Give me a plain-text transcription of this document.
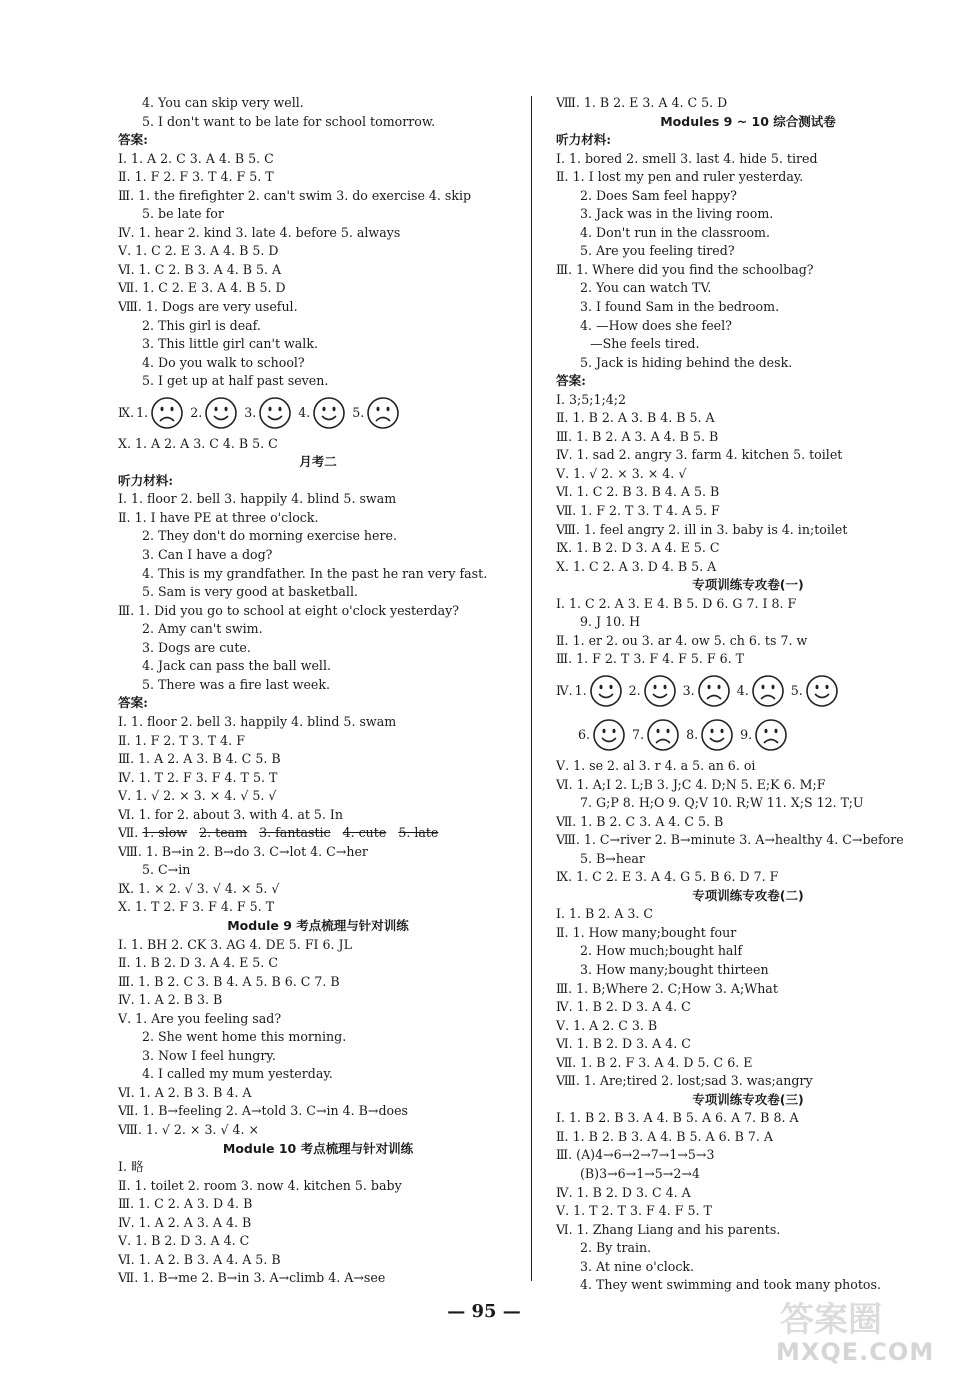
4. You can skip very well.
5. I don't want to be late for school tomorrow.
答案:
Ⅰ. 1. A 2. C 3. A 4. B 5. C
Ⅱ. 1. F 2. F 3. T 4. F 5. T
Ⅲ. 1. the firefighter 2. can't swim 3. do exercise 4. skip
5. be late for
Ⅳ. 1. hear 2. kind 3. late 4. before 5. always
Ⅴ. 1. C 2. E 3. A 4. B 5. D
Ⅵ. 1. C 2. B 3. A 4. B 5. A
Ⅶ. 1. C 2. E 3. A 4. B 5. D
Ⅷ. 1. Dogs are very useful.
2. This girl is deaf.
3. This little girl can't walk.
4. Do you walk to school?
5. I get up at half past seven.
Ⅸ. 1.	2.	3.	4.	5.
Ⅹ. 1. A 2. A 3. C 4. B 5. C
月考二
听力材料:
Ⅰ. 1. floor 2. bell 3. happily 4. blind 5. swam
Ⅱ. 1. I have PE at three o'clock.
2. They don't do morning exercise here.
3. Can I have a dog?
4. This is my grandfather. In the past he ran very fast.
5. Sam is very good at basketball.
Ⅲ. 1. Did you go to school at eight o'clock yesterday?
2. Amy can't swim.
3. Dogs are cute.
4. Jack can pass the ball well.
5. There was a fire last week.
答案:
Ⅰ. 1. floor 2. bell 3. happily 4. blind 5. swam
Ⅱ. 1. F 2. T 3. T 4. F
Ⅲ. 1. A 2. A 3. B 4. C 5. B
Ⅳ. 1. T 2. F 3. F 4. T 5. T
Ⅴ. 1. √ 2. × 3. × 4. √ 5. √
Ⅵ. 1. for 2. about 3. with 4. at 5. In
Ⅶ. 1. slow 2. team 3. fantastic 4. cute 5. late
Ⅷ. 1. B→in 2. B→do 3. C→lot 4. C→her
5. C→in
Ⅸ. 1. × 2. √ 3. √ 4. × 5. √
Ⅹ. 1. T 2. F 3. F 4. F 5. T
Module 9 考点梳理与针对训练
Ⅰ. 1. BH 2. CK 3. AG 4. DE 5. FI 6. JL
Ⅱ. 1. B 2. D 3. A 4. E 5. C
Ⅲ. 1. B 2. C 3. B 4. A 5. B 6. C 7. B
Ⅳ. 1. A 2. B 3. B
Ⅴ. 1. Are you feeling sad?
2. She went home this morning.
3. Now I feel hungry.
4. I called my mum yesterday.
Ⅵ. 1. A 2. B 3. B 4. A
Ⅶ. 1. B→feeling 2. A→told 3. C→in 4. B→does
Ⅷ. 1. √ 2. × 3. √ 4. ×
Module 10 考点梳理与针对训练
Ⅰ. 略
Ⅱ. 1. toilet 2. room 3. now 4. kitchen 5. baby
Ⅲ. 1. C 2. A 3. D 4. B
Ⅳ. 1. A 2. A 3. A 4. B
Ⅴ. 1. B 2. D 3. A 4. C
Ⅵ. 1. A 2. B 3. A 4. A 5. B
Ⅶ. 1. B→me 2. B→in 3. A→climb 4. A→see
Ⅷ. 1. B 2. E 3. A 4. C 5. D
Modules 9 ~ 10 综合测试卷
听力材料:
Ⅰ. 1. bored 2. smell 3. last 4. hide 5. tired
Ⅱ. 1. I lost my pen and ruler yesterday.
2. Does Sam feel happy?
3. Jack was in the living room.
4. Don't run in the classroom.
5. Are you feeling tired?
Ⅲ. 1. Where did you find the schoolbag?
2. You can watch TV.
3. I found Sam in the bedroom.
4. —How does she feel?
—She feels tired.
5. Jack is hiding behind the desk.
答案:
Ⅰ. 3;5;1;4;2
Ⅱ. 1. B 2. A 3. B 4. B 5. A
Ⅲ. 1. B 2. A 3. A 4. B 5. B
Ⅳ. 1. sad 2. angry 3. farm 4. kitchen 5. toilet
Ⅴ. 1. √ 2. × 3. × 4. √
Ⅵ. 1. C 2. B 3. B 4. A 5. B
Ⅶ. 1. F 2. T 3. T 4. A 5. F
Ⅷ. 1. feel angry 2. ill in 3. baby is 4. in;toilet
Ⅸ. 1. B 2. D 3. A 4. E 5. C
Ⅹ. 1. C 2. A 3. D 4. B 5. A
专项训练专攻卷(一)
Ⅰ. 1. C 2. A 3. E 4. B 5. D 6. G 7. I 8. F
9. J 10. H
Ⅱ. 1. er 2. ou 3. ar 4. ow 5. ch 6. ts 7. w
Ⅲ. 1. F 2. T 3. F 4. F 5. F 6. T
Ⅳ. 1.	2.	3.	4.	5.
6.	7.	8.	9.
Ⅴ. 1. se 2. al 3. r 4. a 5. an 6. oi
Ⅵ. 1. A;I 2. L;B 3. J;C 4. D;N 5. E;K 6. M;F
7. G;P 8. H;O 9. Q;V 10. R;W 11. X;S 12. T;U
Ⅶ. 1. B 2. C 3. A 4. C 5. B
Ⅷ. 1. C→river 2. B→minute 3. A→healthy 4. C→before
5. B→hear
Ⅸ. 1. C 2. E 3. A 4. G 5. B 6. D 7. F
专项训练专攻卷(二)
Ⅰ. 1. B 2. A 3. C
Ⅱ. 1. How many;bought four
2. How much;bought half
3. How many;bought thirteen
Ⅲ. 1. B;Where 2. C;How 3. A;What
Ⅳ. 1. B 2. D 3. A 4. C
Ⅴ. 1. A 2. C 3. B
Ⅵ. 1. B 2. D 3. A 4. C
Ⅶ. 1. B 2. F 3. A 4. D 5. C 6. E
Ⅷ. 1. Are;tired 2. lost;sad 3. was;angry
专项训练专攻卷(三)
Ⅰ. 1. B 2. B 3. A 4. B 5. A 6. A 7. B 8. A
Ⅱ. 1. B 2. B 3. A 4. B 5. A 6. B 7. A
Ⅲ. (A)4→6→2→7→1→5→3
(B)3→6→1→5→2→4
Ⅳ. 1. B 2. D 3. C 4. A
Ⅴ. 1. T 2. T 3. F 4. F 5. T
Ⅵ. 1. Zhang Liang and his parents.
2. By train.
3. At nine o'clock.
4. They went swimming and took many photos.
— 95 —	答案圈
MXQE.COM
